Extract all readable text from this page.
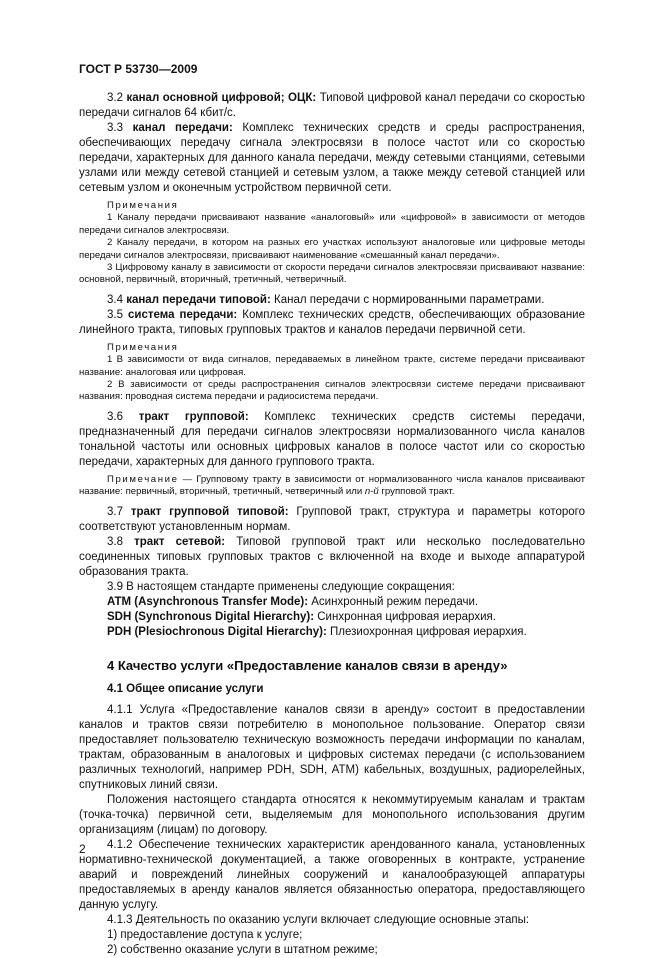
ГОСТ Р 53730—2009

3.2 канал основной цифровой; ОЦК: Типовой цифровой канал передачи со скоростью передачи сигналов 64 кбит/с.

3.3 канал передачи: Комплекс технических средств и среды распространения, обеспечивающих передачу сигнала электросвязи в полосе частот или со скоростью передачи, характерных для данного канала передачи, между сетевыми станциями, сетевыми узлами или между сетевой станцией и сетевым узлом, а также между сетевой станцией или сетевым узлом и оконечным устройством первичной сети.

Примечания

1 Каналу передачи присваивают название «аналоговый» или «цифровой» в зависимости от методов передачи сигналов электросвязи.

2 Каналу передачи, в котором на разных его участках используют аналоговые или цифровые методы передачи сигналов электросвязи, присваивают наименование «смешанный канал передачи».

3 Цифровому каналу в зависимости от скорости передачи сигналов электросвязи присваивают название: основной, первичный, вторичный, третичный, четверичный.

3.4 канал передачи типовой: Канал передачи с нормированными параметрами.

3.5 система передачи: Комплекс технических средств, обеспечивающих образование линейного тракта, типовых групповых трактов и каналов передачи первичной сети.

Примечания

1 В зависимости от вида сигналов, передаваемых в линейном тракте, системе передачи присваивают название: аналоговая или цифровая.

2 В зависимости от среды распространения сигналов электросвязи системе передачи присваивают названия: проводная система передачи и радиосистема передачи.

3.6 тракт групповой: Комплекс технических средств системы передачи, предназначенный для передачи сигналов электросвязи нормализованного числа каналов тональной частоты или основных цифровых каналов в полосе частот или со скоростью передачи, характерных для данного группового тракта.

Примечание — Групповому тракту в зависимости от нормализованного числа каналов присваивают название: первичный, вторичный, третичный, четверичный или n-й групповой тракт.

3.7 тракт групповой типовой: Групповой тракт, структура и параметры которого соответствуют установленным нормам.

3.8 тракт сетевой: Типовой групповой тракт или несколько последовательно соединенных типовых групповых трактов с включенной на входе и выходе аппаратурой образования тракта.

3.9 В настоящем стандарте применены следующие сокращения:

ATM (Asynchronous Transfer Mode): Асинхронный режим передачи.

SDH (Synchronous Digital Hierarchy): Синхронная цифровая иерархия.

PDH (Plesiochronous Digital Hierarchy): Плезиохронная цифровая иерархия.

4 Качество услуги «Предоставление каналов связи в аренду»
4.1 Общее описание услуги

4.1.1 Услуга «Предоставление каналов связи в аренду» состоит в предоставлении каналов и трактов связи потребителю в монопольное пользование. Оператор связи предоставляет пользователю техническую возможность передачи информации по каналам, трактам, образованным в аналоговых и цифровых системах передачи (с использованием различных технологий, например PDH, SDH, ATM) кабельных, воздушных, радиорелейных, спутниковых линий связи.

Положения настоящего стандарта относятся к некоммутируемым каналам и трактам (точка-точка) первичной сети, выделяемым для монопольного использования другим организациям (лицам) по договору.

4.1.2 Обеспечение технических характеристик арендованного канала, установленных нормативно-технической документацией, а также оговоренных в контракте, устранение аварий и повреждений линейных сооружений и каналообразующей аппаратуры предоставляемых в аренду каналов является обязанностью оператора, предоставляющего данную услугу.

4.1.3 Деятельность по оказанию услуги включает следующие основные этапы:

1) предоставление доступа к услуге;

2) собственно оказание услуги в штатном режиме;

2
